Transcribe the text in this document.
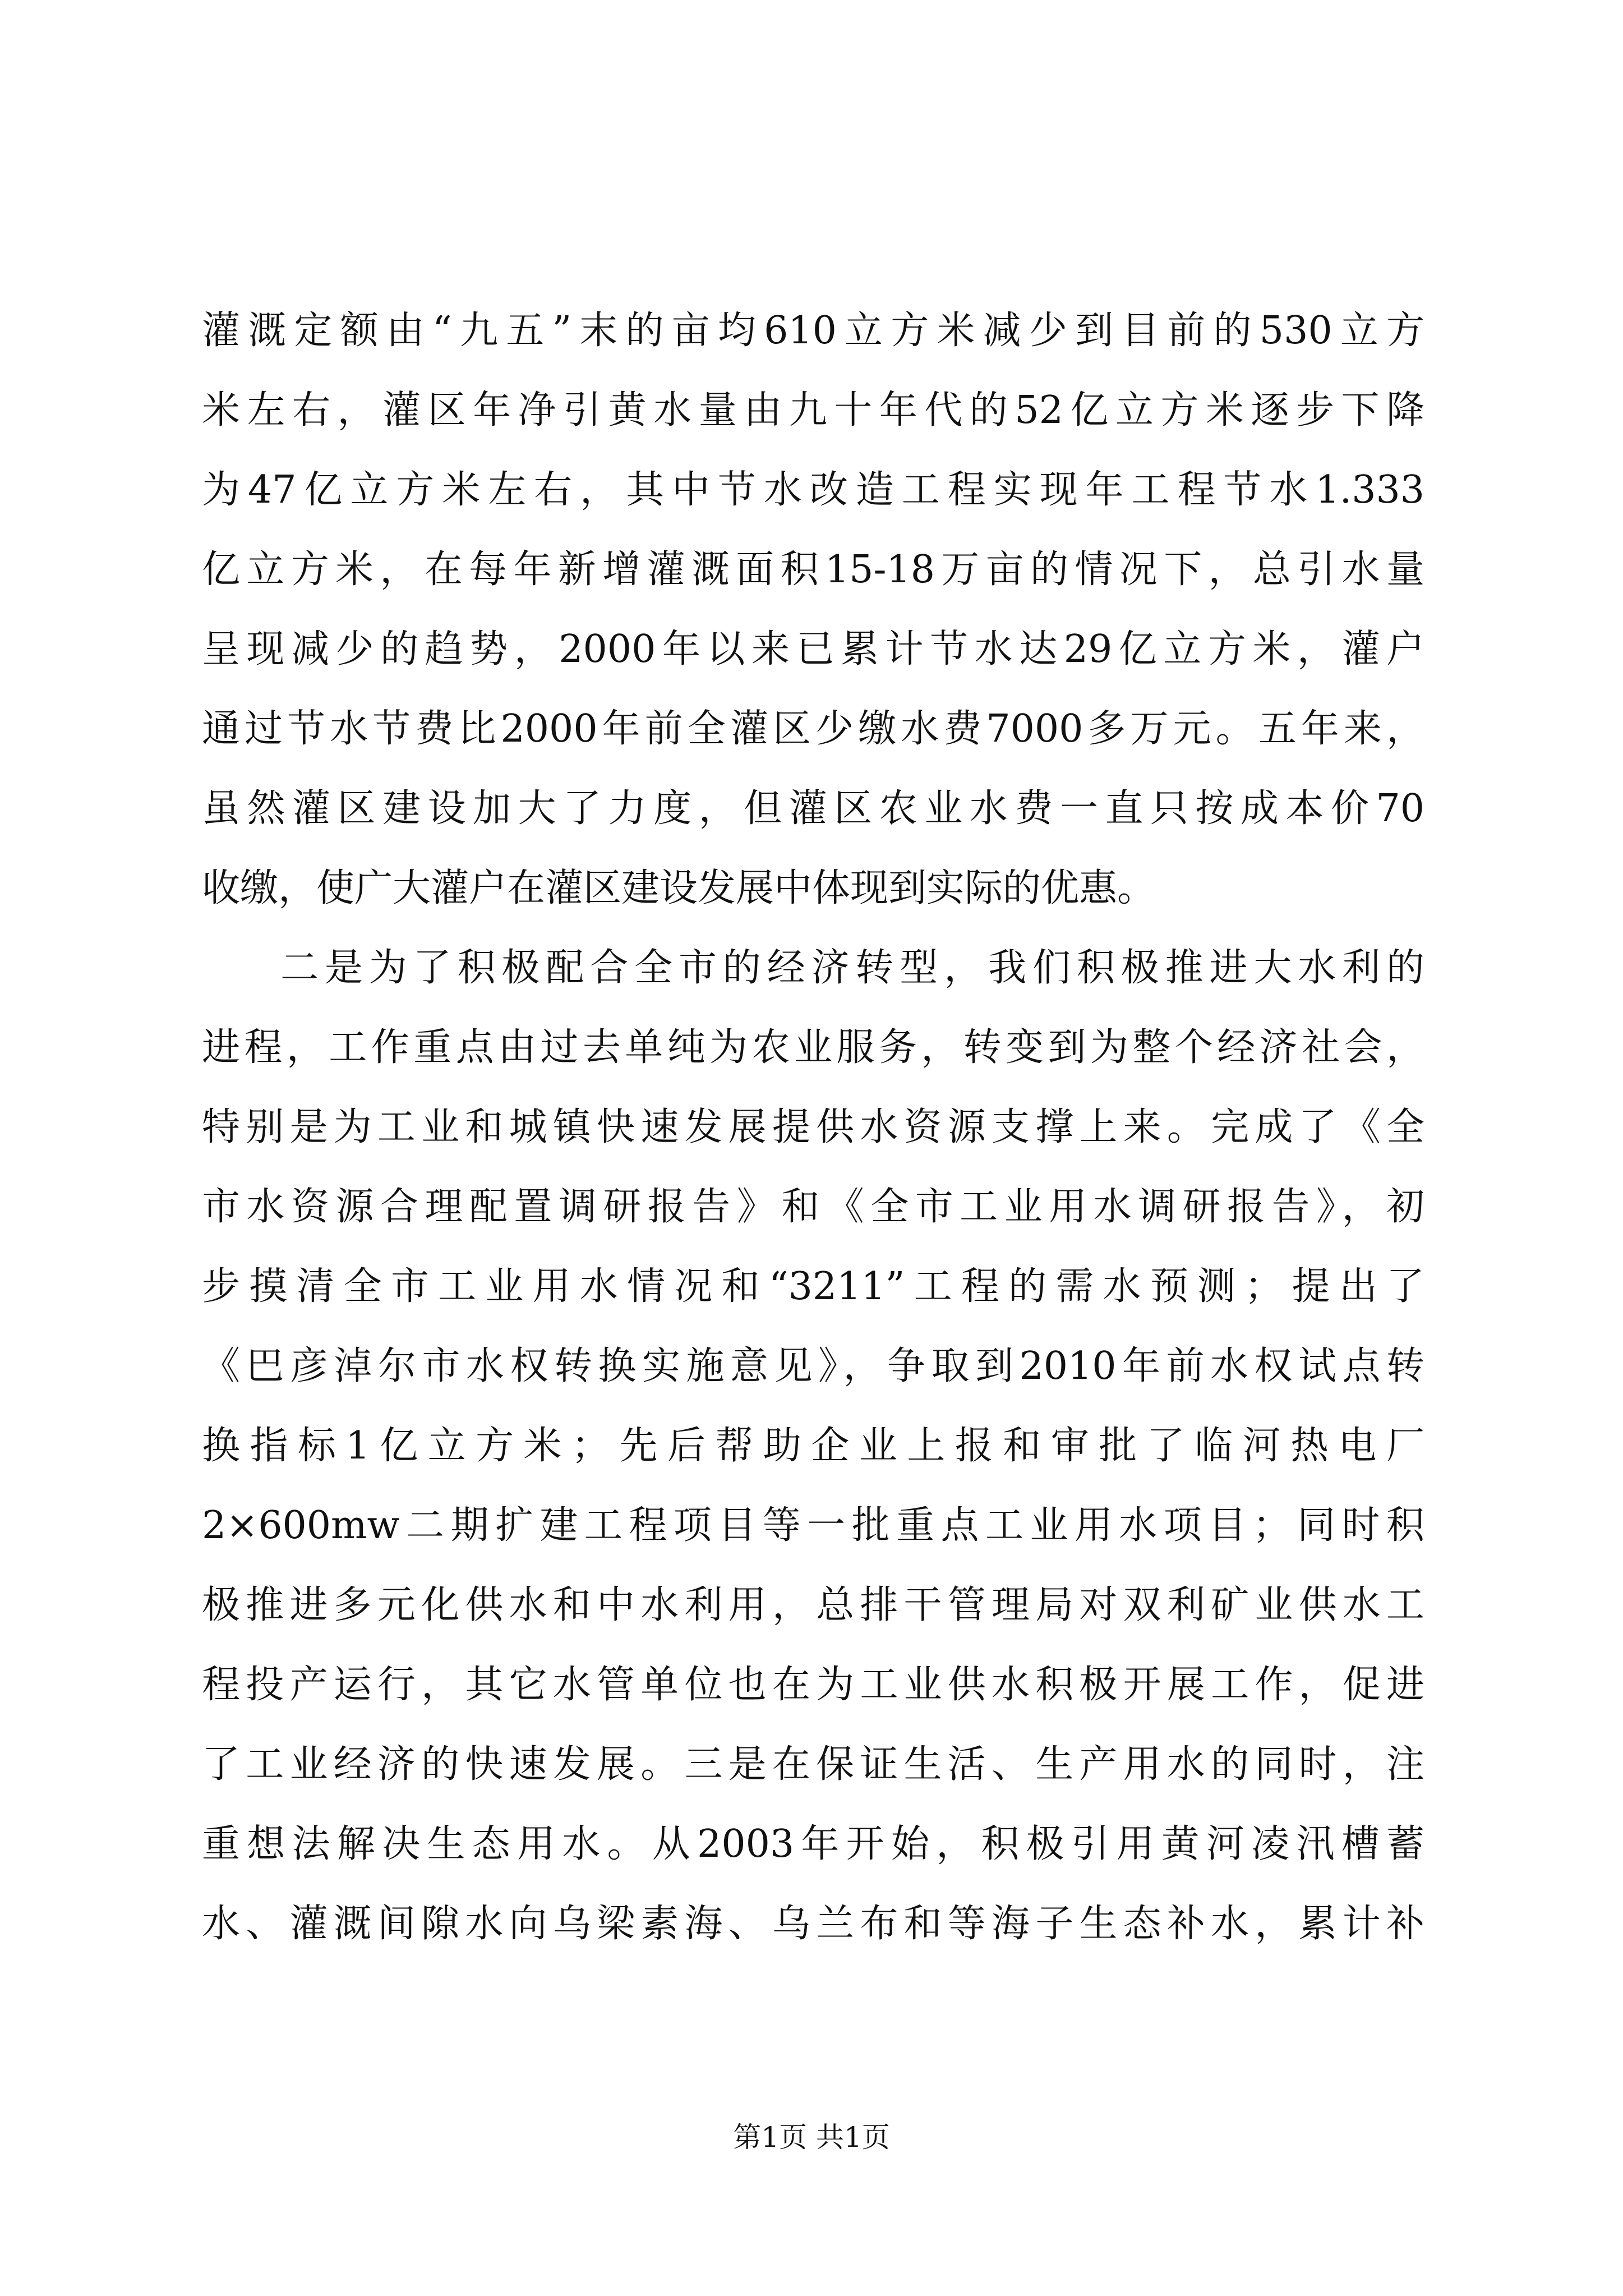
灌溉定额由“九五”末的亩均610立方米减少到目前的530立方
米左右，灌区年净引黄水量由九十年代的52亿立方米逐步下降
为47亿立方米左右，其中节水改造工程实现年工程节水1.333
亿立方米，在每年新增灌溉面积15-18万亩的情况下，总引水量
呈现减少的趋势，2000年以来已累计节水达29亿立方米，灌户
通过节水节费比2000年前全灌区少缴水费7000多万元。五年来，
虽然灌区建设加大了力度，但灌区农业水费一直只按成本价70
收缴，使广大灌户在灌区建设发展中体现到实际的优惠。
二是为了积极配合全市的经济转型，我们积极推进大水利的
进程，工作重点由过去单纯为农业服务，转变到为整个经济社会，
特别是为工业和城镇快速发展提供水资源支撑上来。完成了《全
市水资源合理配置调研报告》和《全市工业用水调研报告》，初
步摸清全市工业用水情况和“3211”工程的需水预测；提出了
《巴彦淖尔市水权转换实施意见》，争取到2010年前水权试点转
换指标1亿立方米；先后帮助企业上报和审批了临河热电厂
2×600mw二期扩建工程项目等一批重点工业用水项目；同时积
极推进多元化供水和中水利用，总排干管理局对双利矿业供水工
程投产运行，其它水管单位也在为工业供水积极开展工作，促进
了工业经济的快速发展。三是在保证生活、生产用水的同时，注
重想法解决生态用水。从2003年开始，积极引用黄河凌汛槽蓄
水、灌溉间隙水向乌梁素海、乌兰布和等海子生态补水，累计补
第1页 共1页
